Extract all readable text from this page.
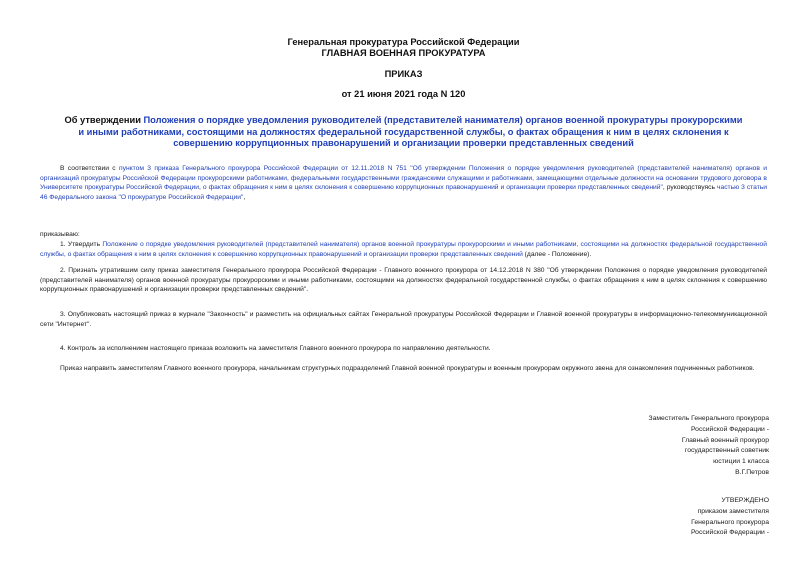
Генеральная прокуратура Российской Федерации
ГЛАВНАЯ ВОЕННАЯ ПРОКУРАТУРА
ПРИКАЗ
от 21 июня 2021 года N 120
Об утверждении Положения о порядке уведомления руководителей (представителей нанимателя) органов военной прокуратуры прокурорскими и иными работниками, состоящими на должностях федеральной государственной службы, о фактах обращения к ним в целях склонения к совершению коррупционных правонарушений и организации проверки представленных сведений
В соответствии с пунктом 3 приказа Генерального прокурора Российской Федерации от 12.11.2018 N 751 "Об утверждении Положения о порядке уведомления руководителей (представителей нанимателя) органов и организаций прокуратуры Российской Федерации прокурорскими работниками, федеральными государственными гражданскими служащими и работниками, замещающими отдельные должности на основании трудового договора в Университете прокуратуры Российской Федерации, о фактах обращения к ним в целях склонения к совершению коррупционных правонарушений и организации проверки представленных сведений", руководствуясь частью 3 статьи 46 Федерального закона "О прокуратуре Российской Федерации",
приказываю:
1. Утвердить Положение о порядке уведомления руководителей (представителей нанимателя) органов военной прокуратуры прокурорскими и иными работниками, состоящими на должностях федеральной государственной службы, о фактах обращения к ним в целях склонения к совершению коррупционных правонарушений и организации проверки представленных сведений (далее - Положение).
2. Признать утратившим силу приказ заместителя Генерального прокурора Российской Федерации - Главного военного прокурора от 14.12.2018 N 380 "Об утверждении Положения о порядке уведомления руководителей (представителей нанимателя) органов военной прокуратуры прокурорскими и иными работниками, состоящими на должностях федеральной государственной службы, о фактах обращения к ним в целях склонения к совершению коррупционных правонарушений и организации проверки представленных сведений".
3. Опубликовать настоящий приказ в журнале "Законность" и разместить на официальных сайтах Генеральной прокуратуры Российской Федерации и Главной военной прокуратуры в информационно-телекоммуникационной сети "Интернет".
4. Контроль за исполнением настоящего приказа возложить на заместителя Главного военного прокурора по направлению деятельности.
Приказ направить заместителям Главного военного прокурора, начальникам структурных подразделений Главной военной прокуратуры и военным прокурорам окружного звена для ознакомления подчиненных работников.
Заместитель Генерального прокурора
Российской Федерации -
Главный военный прокурор
государственный советник
юстиции 1 класса
В.Г.Петров
УТВЕРЖДЕНО
приказом заместителя
Генерального прокурора
Российской Федерации -
